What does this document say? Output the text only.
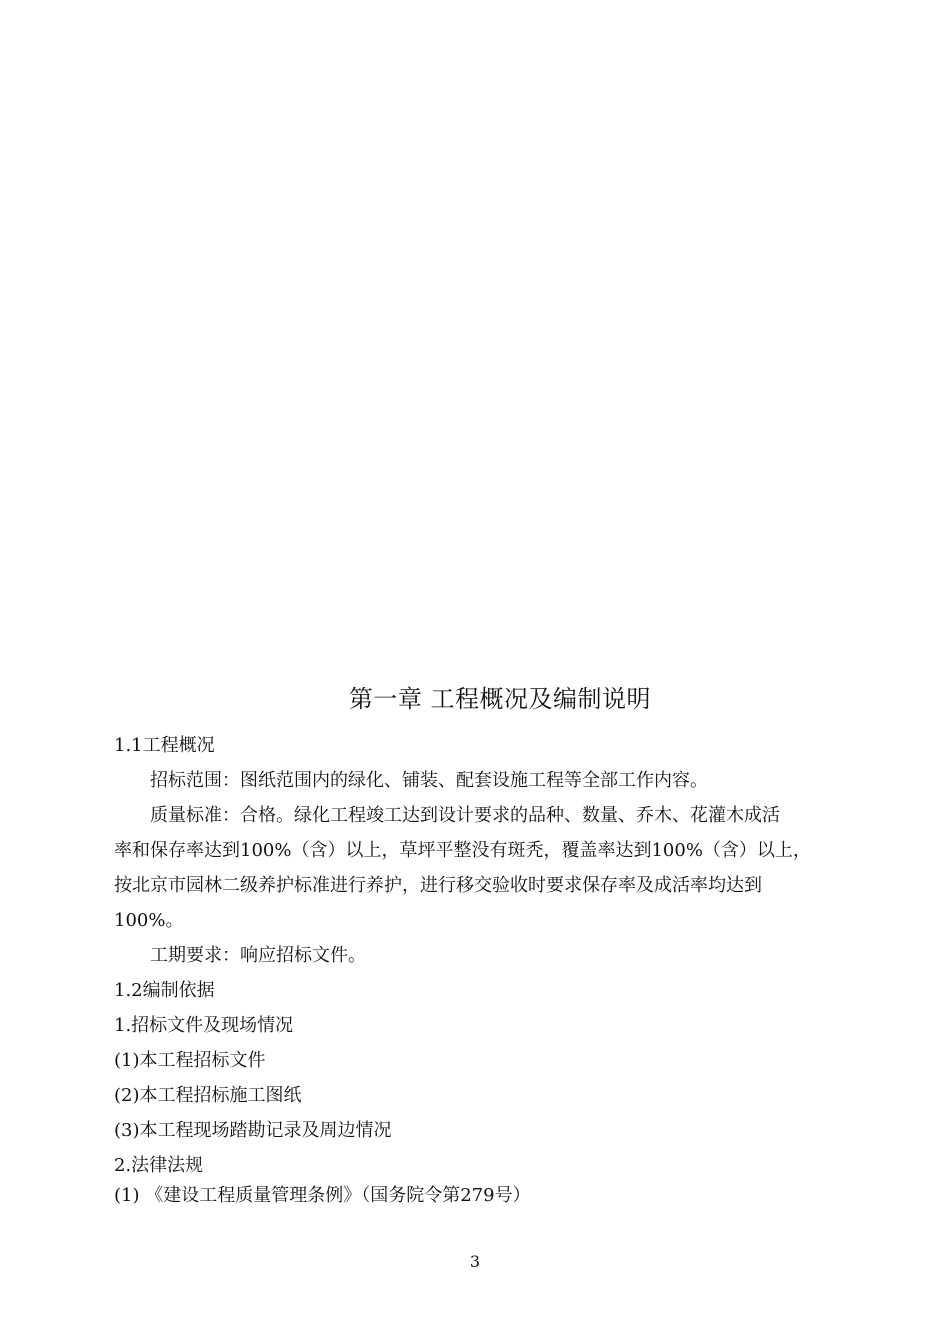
第一章 工程概况及编制说明
1.1工程概况
招标范围：图纸范围内的绿化、铺装、配套设施工程等全部工作内容。
质量标准：合格。绿化工程竣工达到设计要求的品种、数量、乔木、花灌木成活
率和保存率达到100%（含）以上，草坪平整没有斑秃，覆盖率达到100%（含）以上，
按北京市园林二级养护标准进行养护，进行移交验收时要求保存率及成活率均达到
100%。
工期要求：响应招标文件。
1.2编制依据
1.招标文件及现场情况
(1)本工程招标文件
(2)本工程招标施工图纸
(3)本工程现场踏勘记录及周边情况
2.法律法规
(1) 《建设工程质量管理条例》（国务院令第279号）
3
